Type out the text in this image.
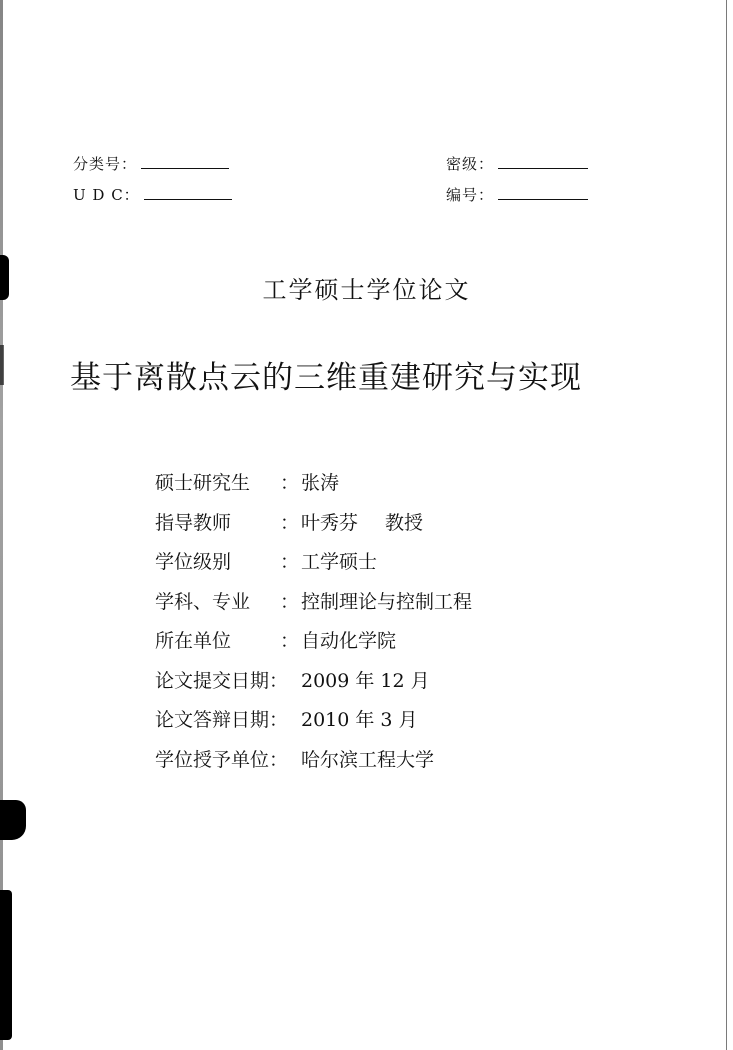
分类号：
U D C：
密级：
编号：
工学硕士学位论文
基于离散点云的三维重建研究与实现
硕士研究生 ： 张涛
指导教师	： 叶秀芬 教授
学位级别	： 工学硕士
学科、专业 ： 控制理论与控制工程
所在单位	： 自动化学院
论文提交日期： 2009 年 12 月
论文答辩日期： 2010 年 3 月
学位授予单位： 哈尔滨工程大学
